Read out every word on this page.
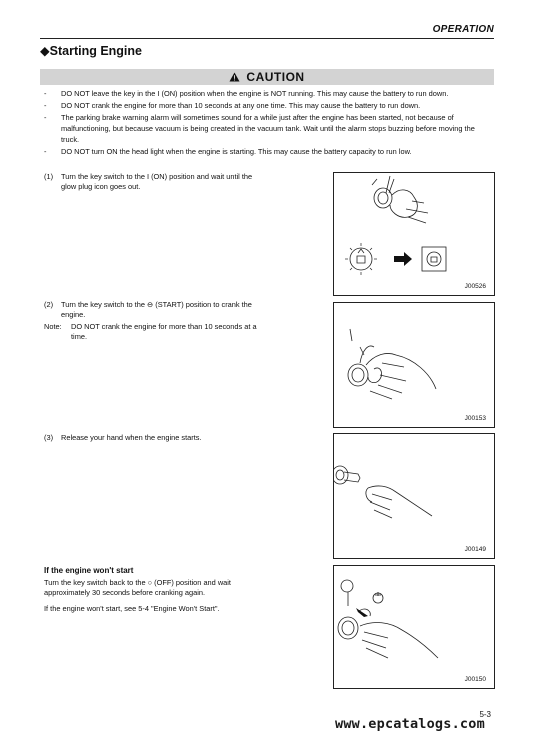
OPERATION
◆Starting Engine
CAUTION
- DO NOT leave the key in the I (ON) position when the engine is NOT running. This may cause the battery to run down.
- DO NOT crank the engine for more than 10 seconds at any one time. This may cause the battery to run down.
- The parking brake warning alarm will sometimes sound for a while just after the engine has been started, not because of malfunctioning, but because vacuum is being created in the vacuum tank. Wait until the alarm stops buzzing before moving the truck.
- DO NOT turn ON the head light when the engine is starting. This may cause the battery capacity to run low.
(1)	Turn the key switch to the I (ON) position and wait until the glow plug icon goes out.
J00526
(2)	Turn the key switch to the ⊖ (START) position to crank the engine.
Note:	DO NOT crank the engine for more than 10 seconds at a time.
J00153
(3)	Release your hand when the engine starts.
J00149
If the engine won't start
Turn the key switch back to the ○ (OFF) position and wait approximately 30 seconds before cranking again.
If the engine won't start, see 5-4 "Engine Won't Start".
J00150
5-3
www.epcatalogs.com
